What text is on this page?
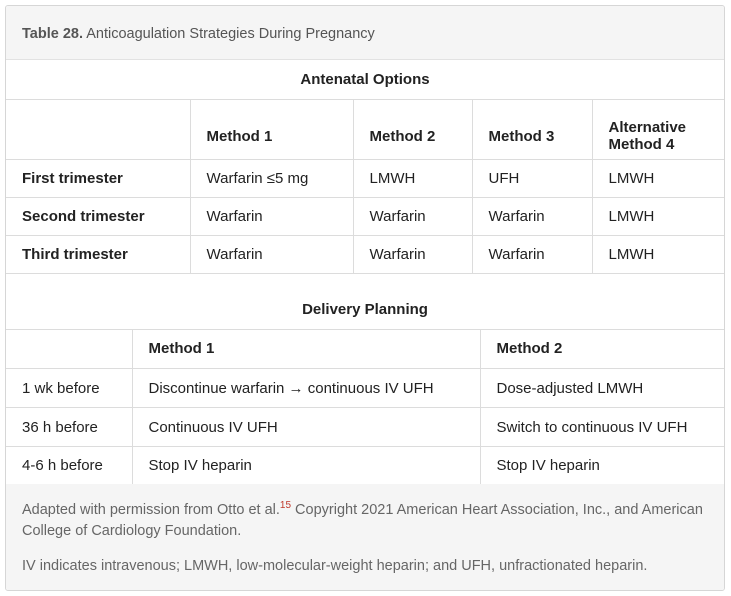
Table 28. Anticoagulation Strategies During Pregnancy
Antenatal Options
	Method 1	Method 2	Method 3	Alternative Method 4
First trimester	Warfarin ≤5 mg	LMWH	UFH	LMWH
Second trimester	Warfarin	Warfarin	Warfarin	LMWH
Third trimester	Warfarin	Warfarin	Warfarin	LMWH
Delivery Planning
	Method 1	Method 2
1 wk before	Discontinue warfarin → continuous IV UFH	Dose-adjusted LMWH
36 h before	Continuous IV UFH	Switch to continuous IV UFH
4-6 h before	Stop IV heparin	Stop IV heparin

Adapted with permission from Otto et al.$^{15}$ Copyright 2021 American Heart Association, Inc., and American College of Cardiology Foundation.

IV indicates intravenous; LMWH, low-molecular-weight heparin; and UFH, unfractionated heparin.
